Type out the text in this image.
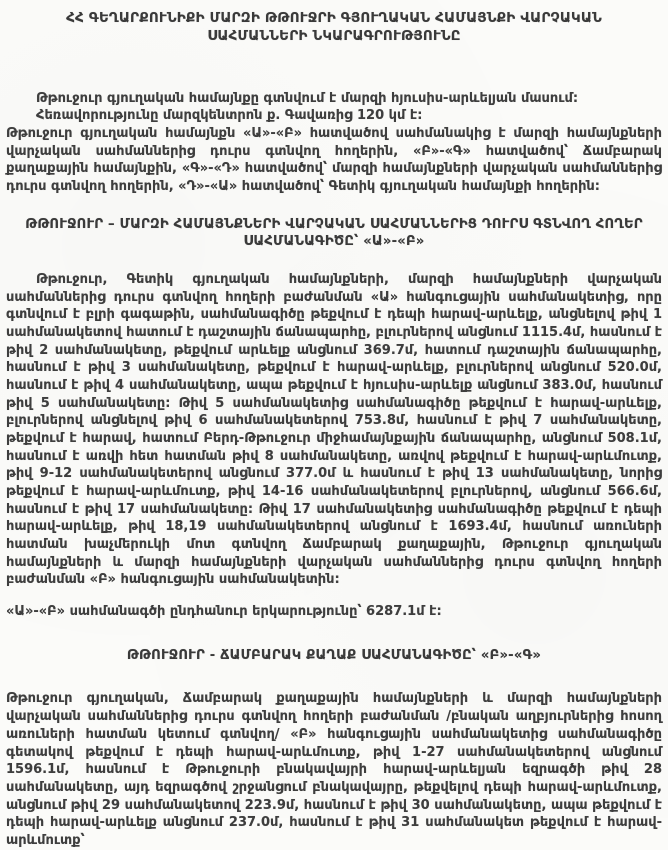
ՀՀ ԳԵՂԱՐՔՈՒՆԻՔԻ ՄԱՐԶԻ ԹԹՈՒՋՐԻ ԳՅՈՒՂԱԿԱՆ ՀԱՄԱՅՆՔԻ ՎԱՐՉԱԿԱՆ
ՍԱՀՄԱՆՆԵՐԻ ՆԿԱՐԱԳՐՈՒԹՅՈՒՆԸ

Թթուջուր գյուղական համայնքը գտնվում է մարզի հյուսիս-արևելյան մասում:

Հեռավորությունը մարզկենտրոն ք. Գավառից 120 կմ է:

Թթուջուր գյուղական համայնքն «Ա»-«Բ» հատվածով սահմանակից է մարզի համայնքների վարչական սահմաններից դուրս գտնվող հողերին, «Բ»-«Գ» հատվածով՝ Ճամբարակ քաղաքային համայնքին, «Գ»-«Դ» հատվածով՝ մարզի համայնքների վարչական սահմաններից դուրս գտնվող հողերին, «Դ»-«Ա» հատվածով՝ Գետիկ գյուղական համայնքի հողերին:

ԹԹՈՒՋՈՒՐ – ՄԱՐԶԻ ՀԱՄԱՅՆՔՆԵՐԻ ՎԱՐՉԱԿԱՆ ՍԱՀՄԱՆՆԵՐԻՑ ԴՈՒՐՍ ԳՏՆՎՈՂ ՀՈՂԵՐ
ՍԱՀՄԱՆԱԳԻԾԸ՝ «Ա»-«Բ»

Թթուջուր, Գետիկ գյուղական համայնքների, մարզի համայնքների վարչական սահմաններից դուրս գտնվող հողերի բաժանման «Ա» հանգուցային սահմանակետից, որը գտնվում է բլրի գագաթին, սահմանագիծը թեքվում է դեպի հարավ-արևելք, անցնելով թիվ 1 սահմանակետով հատում է դաշտային ճանապարհը, բլուրներով անցնում 1115.4մ, հասնում է թիվ 2 սահմանակետը, թեքվում արևելք անցնում 369.7մ, հատում դաշտային ճանապարհը, հասնում է թիվ 3 սահմանակետը, թեքվում է հարավ-արևելք, բլուրներով անցնում 520.0մ, հասնում է թիվ 4 սահմանակետը, ապա թեքվում է հյուսիս-արևելք անցնում 383.0մ, հասնում թիվ 5 սահմանակետը: Թիվ 5 սահմանակետից սահմանագիծը թեքվում է հարավ-արևելք, բլուրներով անցնելով թիվ 6 սահմանակետերով 753.8մ, հասնում է թիվ 7 սահմանակետը, թեքվում է հարավ, հատում Բերդ-Թթուջուր միջհամայնքային ճանապարհը, անցնում 508.1մ, հասնում է առվի հետ հատման թիվ 8 սահմանակետը, առվով թեքվում է հարավ-արևմուտք, թիվ 9-12 սահմանակետերով անցնում 377.0մ և հասնում է թիվ 13 սահմանակետը, նորից թեքվում է հարավ-արևմուտք, թիվ 14-16 սահմանակետերով բլուրներով, անցնում 566.6մ, հասնում է թիվ 17 սահմանակետը: Թիվ 17 սահմանակետից սահմանագիծը թեքվում է դեպի հարավ-արևելք, թիվ 18,19 սահմանակետերով անցնում է 1693.4մ, հասնում առուների հատման խաչմերուկի մոտ գտնվող Ճամբարակ քաղաքային, Թթուջուր գյուղական համայնքների և մարզի համայնքների վարչական սահմաններից դուրս գտնվող հողերի բաժանման «Բ» հանգուցային սահմանակետին:

«Ա»-«Բ» սահմանագծի ընդհանուր երկարությունը՝ 6287.1մ է:

ԹԹՈՒՋՈՒՐ - ՃԱՄԲԱՐԱԿ ՔԱՂԱՔ ՍԱՀՄԱՆԱԳԻԾԸ՝ «Բ»-«Գ»

Թթուջուր գյուղական, Ճամբարակ քաղաքային համայնքների և մարզի համայնքների վարչական սահմաններից դուրս գտնվող հողերի բաժանման /բնական աղբյուրներից հոսող առուների հատման կետում գտնվող/ «Բ» հանգուցային սահմանակետից սահմանագիծը գետակով թեքվում է դեպի հարավ-արևմուտք, թիվ 1-27 սահմանակետերով անցնում 1596.1մ, հասնում է Թթուջուրի բնակավայրի հարավ-արևելյան եզրագծի թիվ 28 սահմանակետը, այդ եզրագծով շրջանցում բնակավայրը, թեքվելով դեպի հարավ-արևմուտք, անցնում թիվ 29 սահմանակետով 223.9մ, հասնում է թիվ 30 սահմանակետը, ապա թեքվում է դեպի հարավ-արևելք անցնում 237.0մ, հասնում է թիվ 31 սահմանակետ թեքվում է հարավ-արևմուտք՝
